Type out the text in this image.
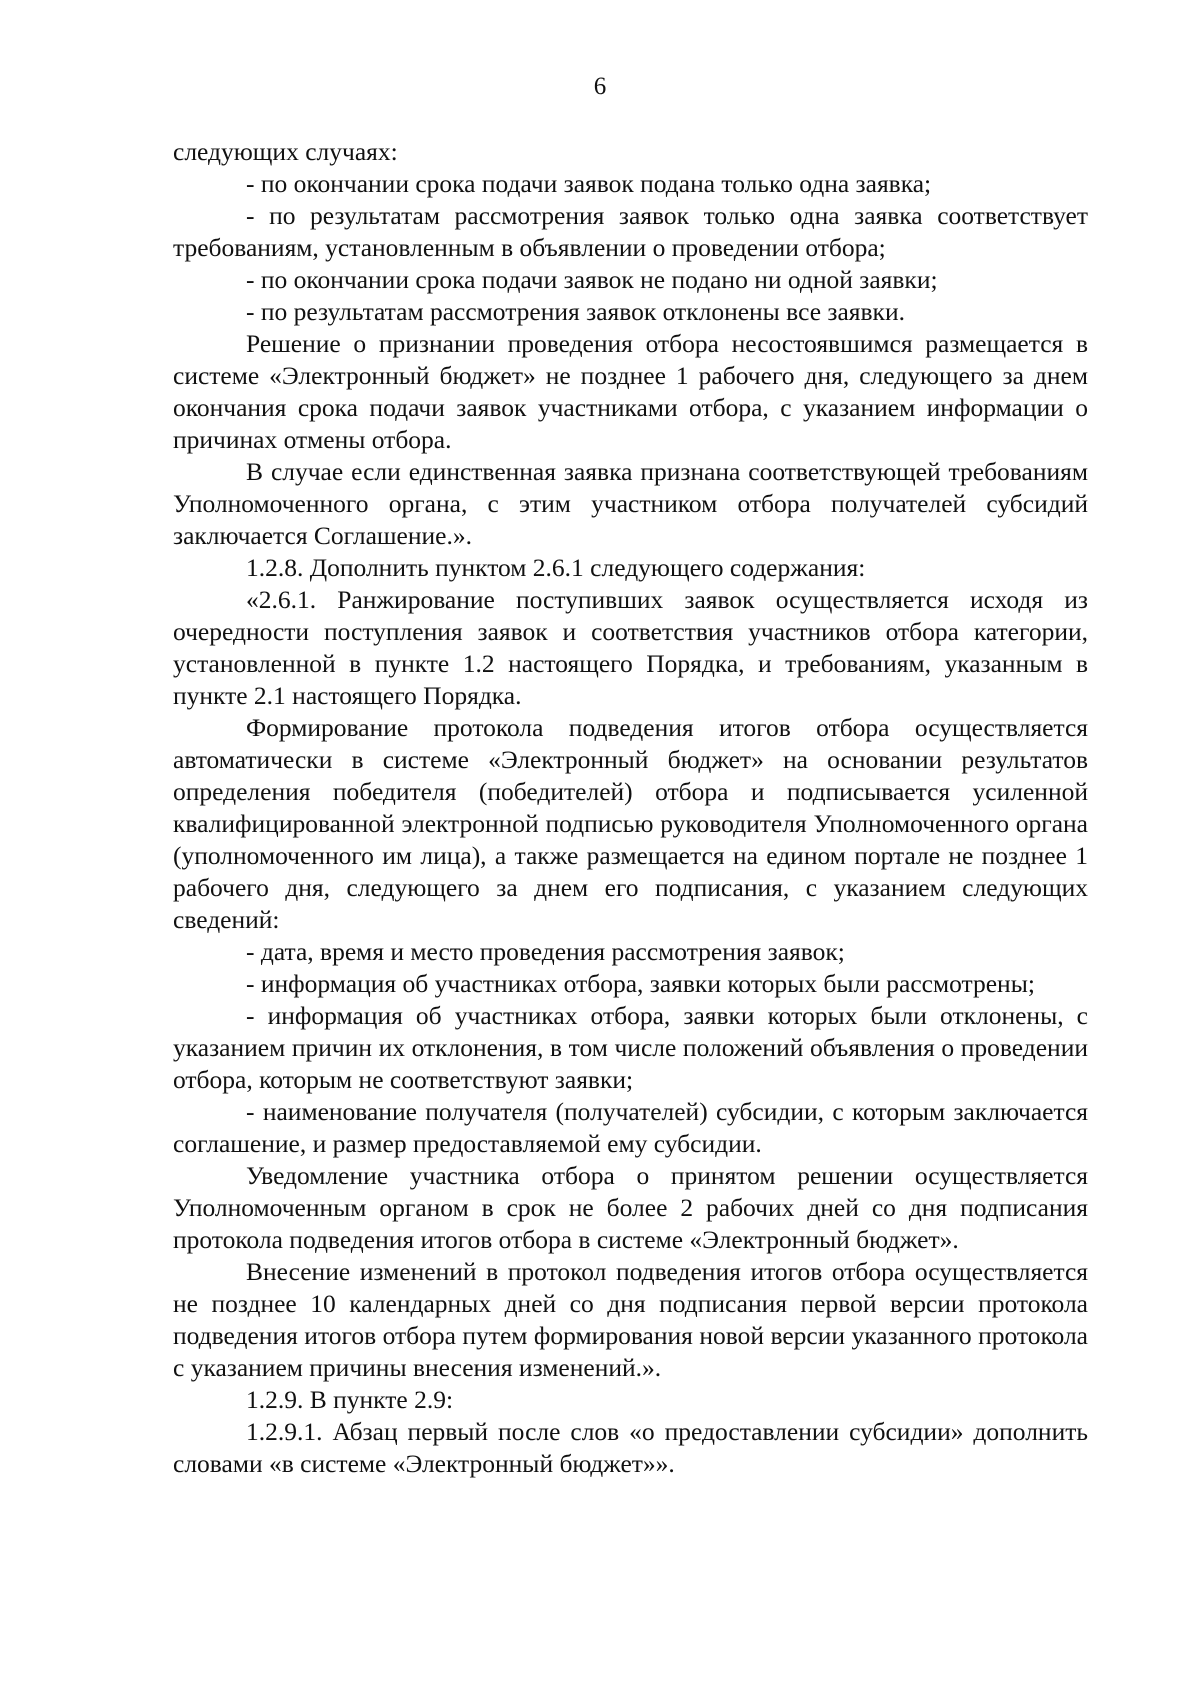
6

следующих случаях:

- по окончании срока подачи заявок подана только одна заявка;

- по результатам рассмотрения заявок только одна заявка соответствует требованиям, установленным в объявлении о проведении отбора;

- по окончании срока подачи заявок не подано ни одной заявки;

- по результатам рассмотрения заявок отклонены все заявки.

Решение о признании проведения отбора несостоявшимся размещается в системе «Электронный бюджет» не позднее 1 рабочего дня, следующего за днем окончания срока подачи заявок участниками отбора, с указанием информации о причинах отмены отбора.

В случае если единственная заявка признана соответствующей требованиям Уполномоченного органа, с этим участником отбора получателей субсидий заключается Соглашение.».

1.2.8. Дополнить пунктом 2.6.1 следующего содержания:

«2.6.1. Ранжирование поступивших заявок осуществляется исходя из очередности поступления заявок и соответствия участников отбора категории, установленной в пункте 1.2 настоящего Порядка, и требованиям, указанным в пункте 2.1 настоящего Порядка.

Формирование протокола подведения итогов отбора осуществляется автоматически в системе «Электронный бюджет» на основании результатов определения победителя (победителей) отбора и подписывается усиленной квалифицированной электронной подписью руководителя Уполномоченного органа (уполномоченного им лица), а также размещается на едином портале не позднее 1 рабочего дня, следующего за днем его подписания, с указанием следующих сведений:

- дата, время и место проведения рассмотрения заявок;

- информация об участниках отбора, заявки которых были рассмотрены;

- информация об участниках отбора, заявки которых были отклонены, с указанием причин их отклонения, в том числе положений объявления о проведении отбора, которым не соответствуют заявки;

- наименование получателя (получателей) субсидии, с которым заключается соглашение, и размер предоставляемой ему субсидии.

Уведомление участника отбора о принятом решении осуществляется Уполномоченным органом в срок не более 2 рабочих дней со дня подписания протокола подведения итогов отбора в системе «Электронный бюджет».

Внесение изменений в протокол подведения итогов отбора осуществляется не позднее 10 календарных дней со дня подписания первой версии протокола подведения итогов отбора путем формирования новой версии указанного протокола с указанием причины внесения изменений.».

1.2.9. В пункте 2.9:

1.2.9.1. Абзац первый после слов «о предоставлении субсидии» дополнить словами «в системе «Электронный бюджет»».
